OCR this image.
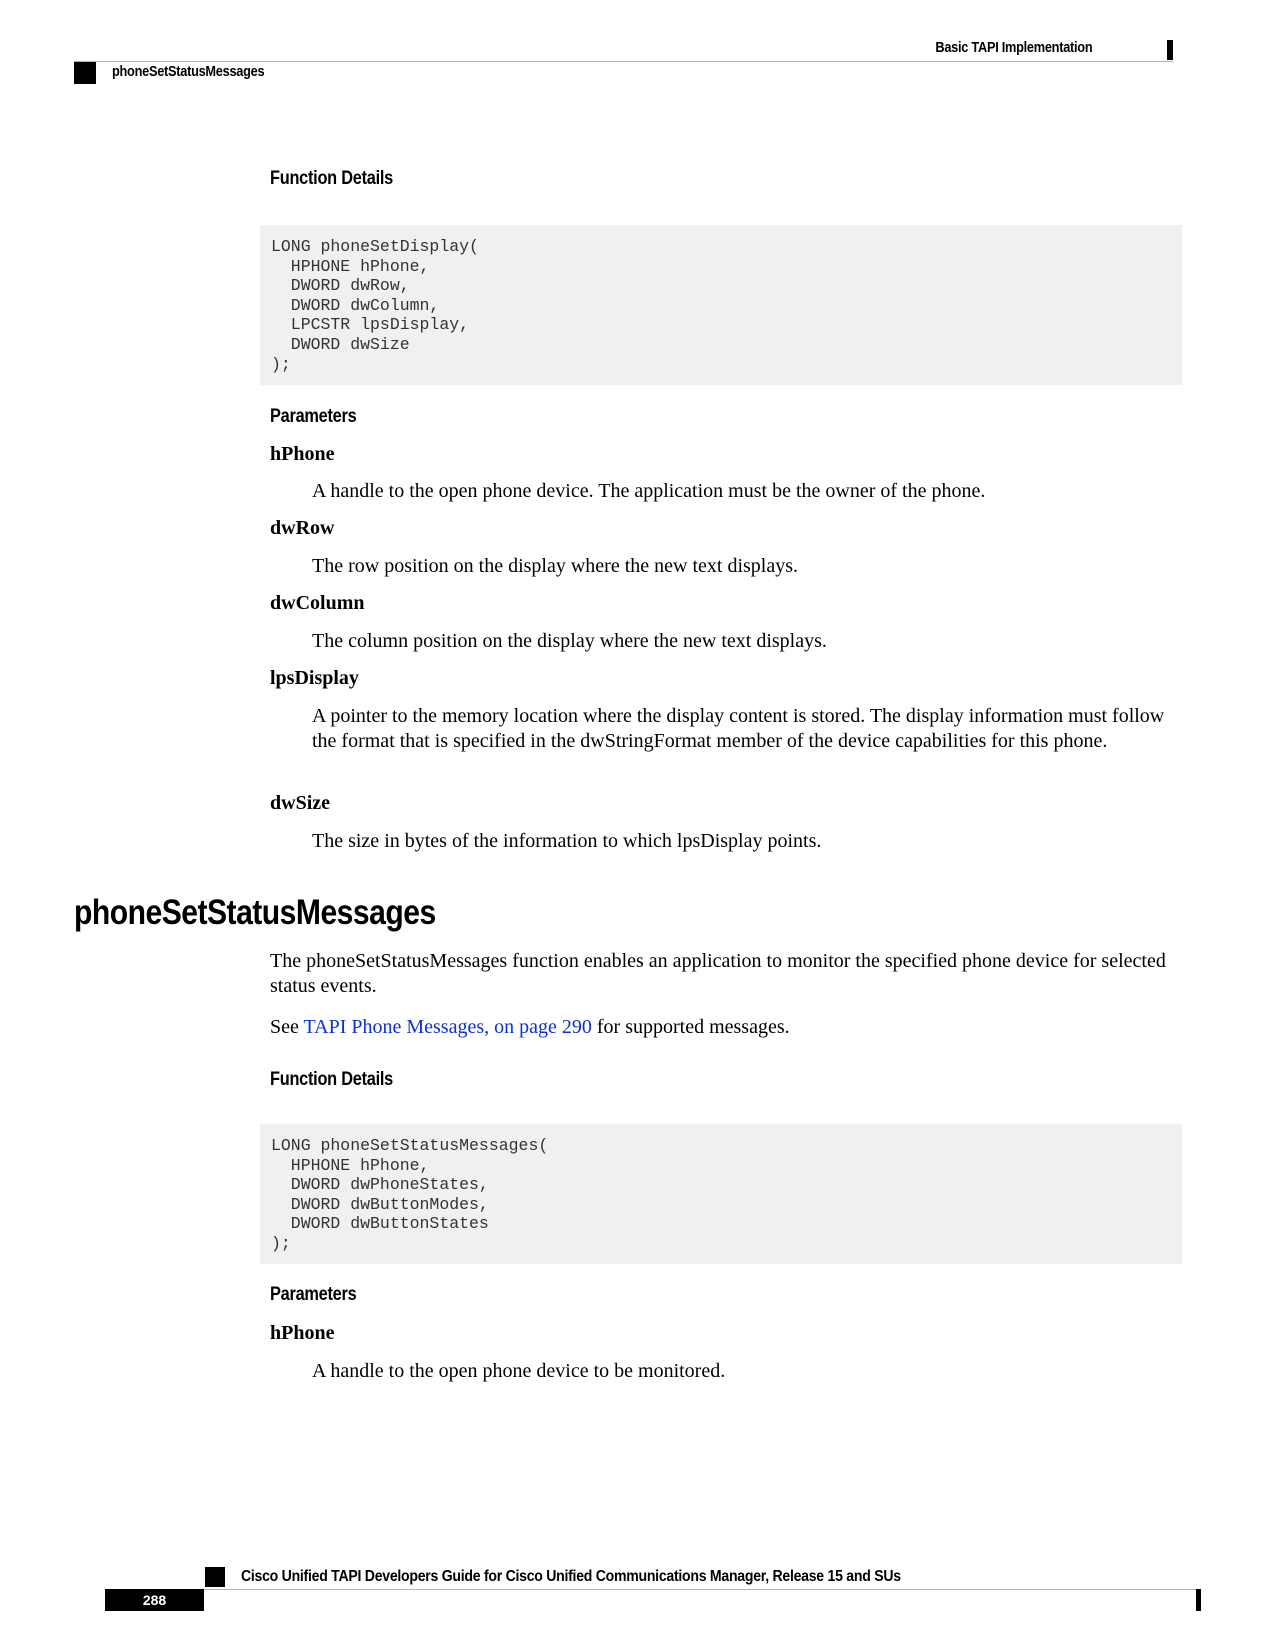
Basic TAPI Implementation
phoneSetStatusMessages
Function Details
LONG phoneSetDisplay(
HPHONE hPhone,
DWORD dwRow,
DWORD dwColumn,
LPCSTR lpsDisplay,
DWORD dwSize
);
Parameters
hPhone
A handle to the open phone device. The application must be the owner of the phone.
dwRow
The row position on the display where the new text displays.
dwColumn
The column position on the display where the new text displays.
lpsDisplay
A pointer to the memory location where the display content is stored. The display information must follow the format that is specified in the dwStringFormat member of the device capabilities for this phone.
dwSize
The size in bytes of the information to which lpsDisplay points.
phoneSetStatusMessages
The phoneSetStatusMessages function enables an application to monitor the specified phone device for selected status events.
See TAPI Phone Messages, on page 290 for supported messages.
Function Details
LONG phoneSetStatusMessages(
HPHONE hPhone,
DWORD dwPhoneStates,
DWORD dwButtonModes,
DWORD dwButtonStates
);
Parameters
hPhone
A handle to the open phone device to be monitored.
Cisco Unified TAPI Developers Guide for Cisco Unified Communications Manager, Release 15 and SUs
288
